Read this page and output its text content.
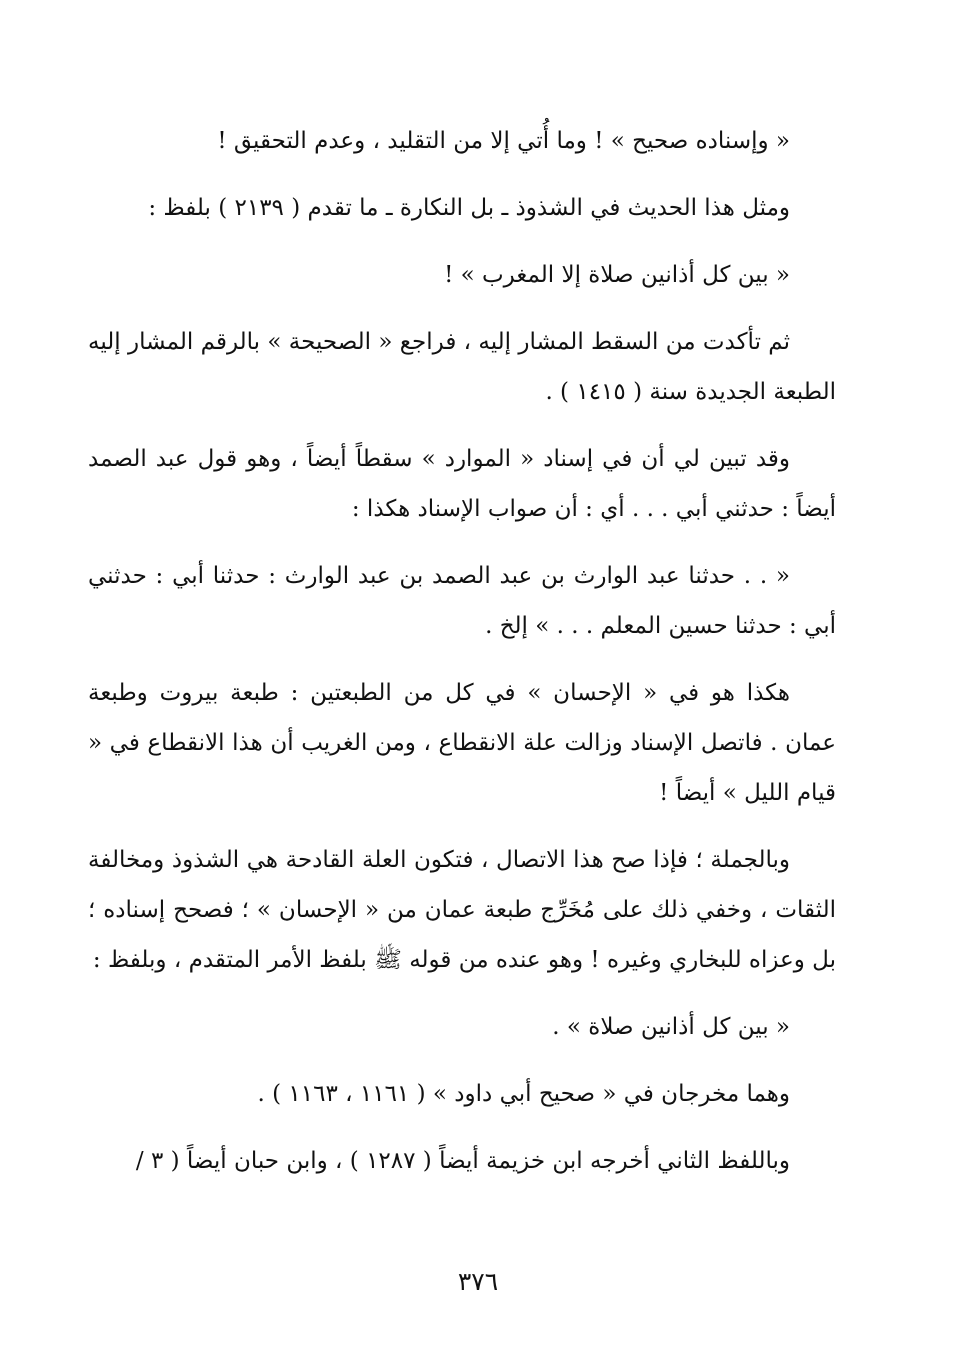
« وإسناده صحيح » ! وما أُتي إلا من التقليد ، وعدم التحقيق !

ومثل هذا الحديث في الشذوذ ـ بل النكارة ـ ما تقدم ( ٢١٣٩ ) بلفظ :

« بين كل أذانين صلاة إلا المغرب » !

ثم تأكدت من السقط المشار إليه ، فراجع « الصحيحة » بالرقم المشار إليه الطبعة الجديدة سنة ( ١٤١٥ ) .

وقد تبين لي أن في إسناد « الموارد » سقطاً أيضاً ، وهو قول عبد الصمد أيضاً : حدثني أبي . . . أي : أن صواب الإسناد هكذا :

« . . حدثنا عبد الوارث بن عبد الصمد بن عبد الوارث : حدثنا أبي : حدثني أبي : حدثنا حسين المعلم . . . » إلخ .

هكذا هو في « الإحسان » في كل من الطبعتين : طبعة بيروت وطبعة عمان . فاتصل الإسناد وزالت علة الانقطاع ، ومن الغريب أن هذا الانقطاع في « قيام الليل » أيضاً !

وبالجملة ؛ فإذا صح هذا الاتصال ، فتكون العلة القادحة هي الشذوذ ومخالفة الثقات ، وخفي ذلك على مُخَرِّج طبعة عمان من « الإحسان » ؛ فصحح إسناده ؛ بل وعزاه للبخاري وغيره ! وهو عنده من قوله ﷺ بلفظ الأمر المتقدم ، وبلفظ :

« بين كل أذانين صلاة » .

وهما مخرجان في « صحيح أبي داود » ( ١١٦١ ، ١١٦٣ ) .

وباللفظ الثاني أخرجه ابن خزيمة أيضاً ( ١٢٨٧ ) ، وابن حبان أيضاً ( ٣ /

٣٧٦
